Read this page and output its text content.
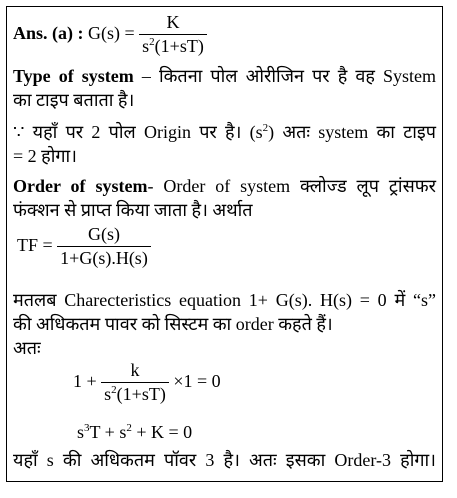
Ans. (a) : $G(s) = \frac{K}{s^2(1+sT)}$
Type of system – कितना पोल ओरीजिन पर है वह System
का टाइप बताता है।
∵ यहाँ पर 2 पोल Origin पर है। $(s^2)$ अतः system का टाइप
= 2 होगा।
Order of system- Order of system क्लोज्ड लूप ट्रांसफर
फंक्शन से प्राप्त किया जाता है। अर्थात
TF = $\frac{G(s)}{1+G(s).H(s)}$
मतलब Charecteristics equation 1+ G(s). H(s) = 0 में “s”
की अधिकतम पावर को सिस्टम का order कहते हैं।
अतः
$1 + \frac{k}{s^2(1+sT)} \times 1 = 0$
$s^3T + s^2 + K = 0$
यहाँ s की अधिकतम पॉवर 3 है। अतः इसका Order-3 होगा।
